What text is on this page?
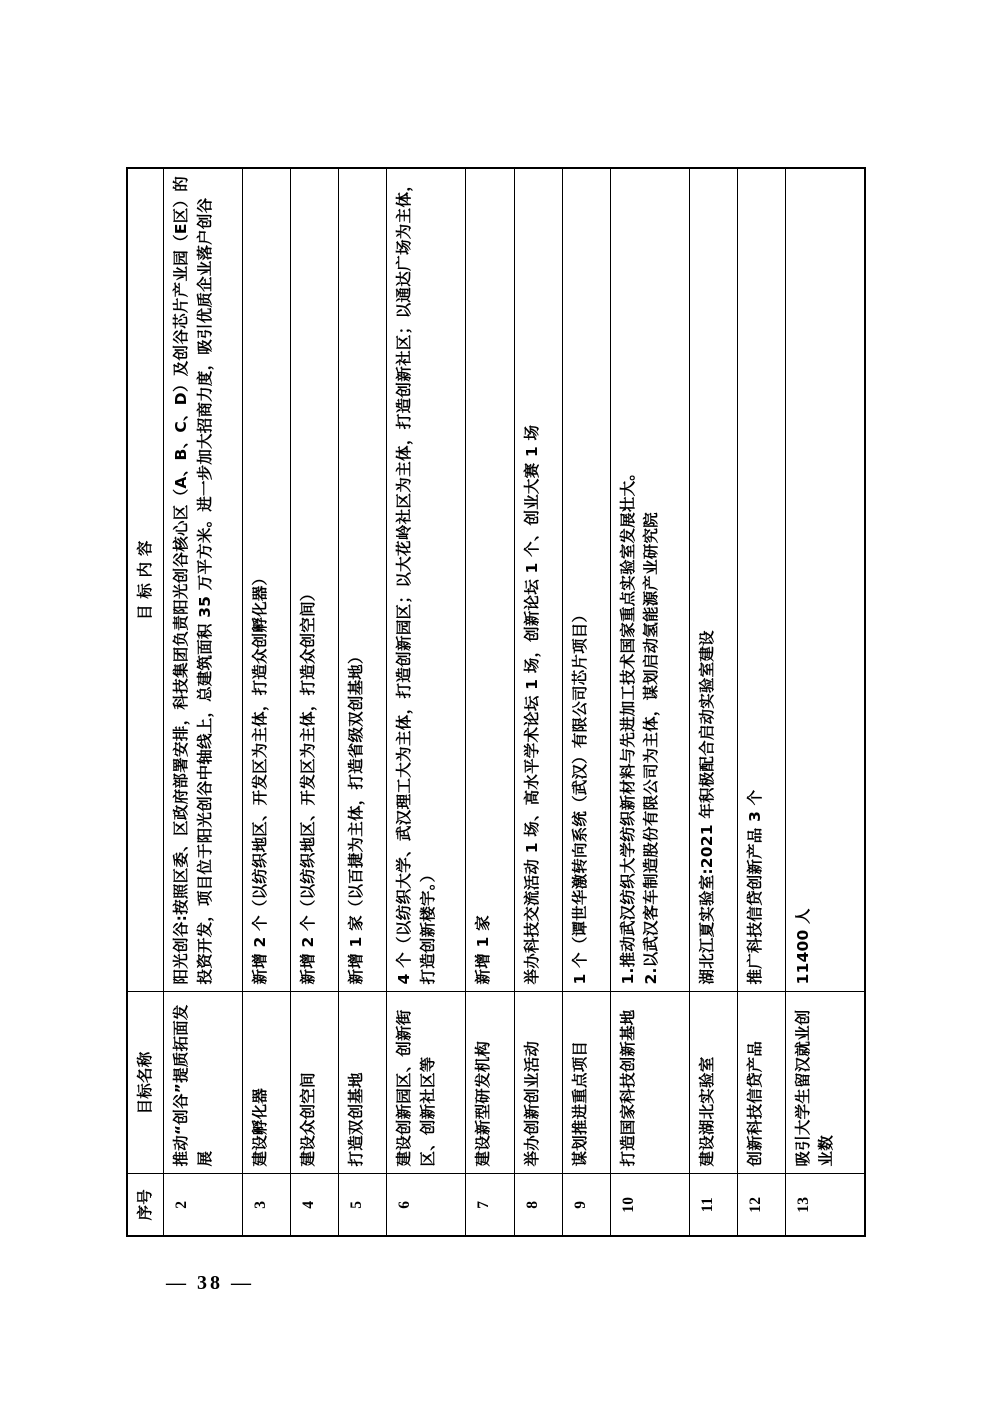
序号	目标名称	目 标 内 容
2	推动“创谷”提质拓面发展	阳光创谷:按照区委、区政府部署安排，科技集团负责阳光创谷核心区（A、B、C、D）及创谷芯片产业园（E区）的投资开发，项目位于阳光创谷中轴线上，总建筑面积 35 万平方米。进一步加大招商力度，吸引优质企业落户创谷

3	建设孵化器	新增 2 个（以纺织地区、开发区为主体，打造众创孵化器）

4	建设众创空间	新增 2 个（以纺织地区、开发区为主体，打造众创空间）

5	打造双创基地	新增 1 家（以百捷为主体，打造省级双创基地）

6	建设创新园区、创新街区、创新社区等	4 个（以纺织大学、武汉理工大为主体，打造创新园区；以大花岭社区为主体，打造创新社区；以通达广场为主体，打造创新楼宇。）

7	建设新型研发机构	新增 1 家

8	举办创新创业活动	举办科技交流活动 1 场、高水平学术论坛 1 场，创新论坛 1 个、创业大赛 1 场

9	谋划推进重点项目	1 个（谭世华激转向系统（武汉）有限公司芯片项目）

10	打造国家科技创新基地	1.推动武汉纺织大学纺织新材料与先进加工技术国家重点实验室发展壮大。 2.以武汉客车制造股份有限公司为主体，谋划启动氢能源产业研究院

11	建设湖北实验室	湖北江夏实验室:2021 年积极配合启动实验室建设

12	创新科技信贷产品	推广科技信贷创新产品 3 个

13	吸引大学生留汉就业创业数	11400 人
— 38 —
